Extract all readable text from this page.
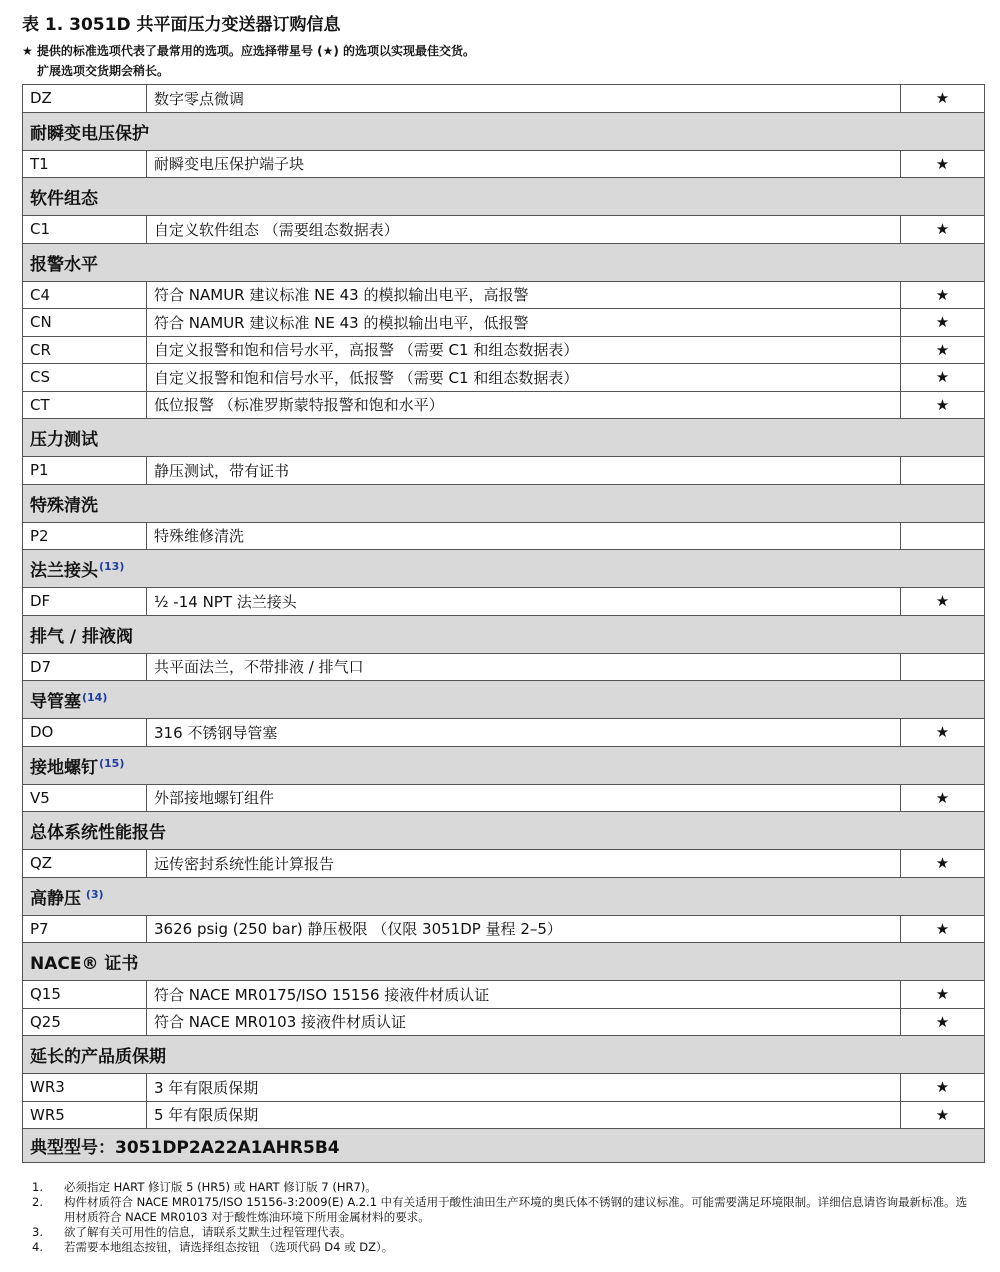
表 1. 3051D 共平面压力变送器订购信息
★ 提供的标准选项代表了最常用的选项。应选择带星号 (★) 的选项以实现最佳交货。
扩展选项交货期会稍长。
DZ	数字零点微调	★
耐瞬变电压保护		
T1	耐瞬变电压保护端子块	★
软件组态		
C1	自定义软件组态 （需要组态数据表）	★
报警水平		
C4	符合 NAMUR 建议标准 NE 43 的模拟输出电平，高报警	★
CN	符合 NAMUR 建议标准 NE 43 的模拟输出电平，低报警	★
CR	自定义报警和饱和信号水平，高报警 （需要 C1 和组态数据表）	★
CS	自定义报警和饱和信号水平，低报警 （需要 C1 和组态数据表）	★
CT	低位报警 （标准罗斯蒙特报警和饱和水平）	★
压力测试		
P1	静压测试，带有证书	
特殊清洗		
P2	特殊维修清洗	
法兰接头$^{(13)}$
DF	½ -14 NPT 法兰接头	★
排气 / 排液阀		
D7	共平面法兰，不带排液 / 排气口	
导管塞$^{(14)}$
DO	316 不锈钢导管塞	★
接地螺钉$^{(15)}$
V5	外部接地螺钉组件	★
总体系统性能报告		
QZ	远传密封系统性能计算报告	★
高静压 $^{(3)}$
P7	3626 psig (250 bar) 静压极限 （仅限 3051DP 量程 2–5）	★
NACE® 证书		
Q15	符合 NACE MR0175/ISO 15156 接液件材质认证	★
Q25	符合 NACE MR0103 接液件材质认证	★
延长的产品质保期		
WR3	3 年有限质保期	★
WR5	5 年有限质保期	★
典型型号：3051DP2A22A1AHR5B4		
1.	必须指定 HART 修订版 5 (HR5) 或 HART 修订版 7 (HR7)。
2.	构件材质符合 NACE MR0175/ISO 15156-3:2009(E) A.2.1 中有关适用于酸性油田生产环境的奥氏体不锈钢的建议标准。可能需要满足环境限制。详细信息请咨询最新标准。选用材质符合 NACE MR0103 对于酸性炼油环境下所用金属材料的要求。
3.	欲了解有关可用性的信息，请联系艾默生过程管理代表。
4.	若需要本地组态按钮，请选择组态按钮 （选项代码 D4 或 DZ）。
